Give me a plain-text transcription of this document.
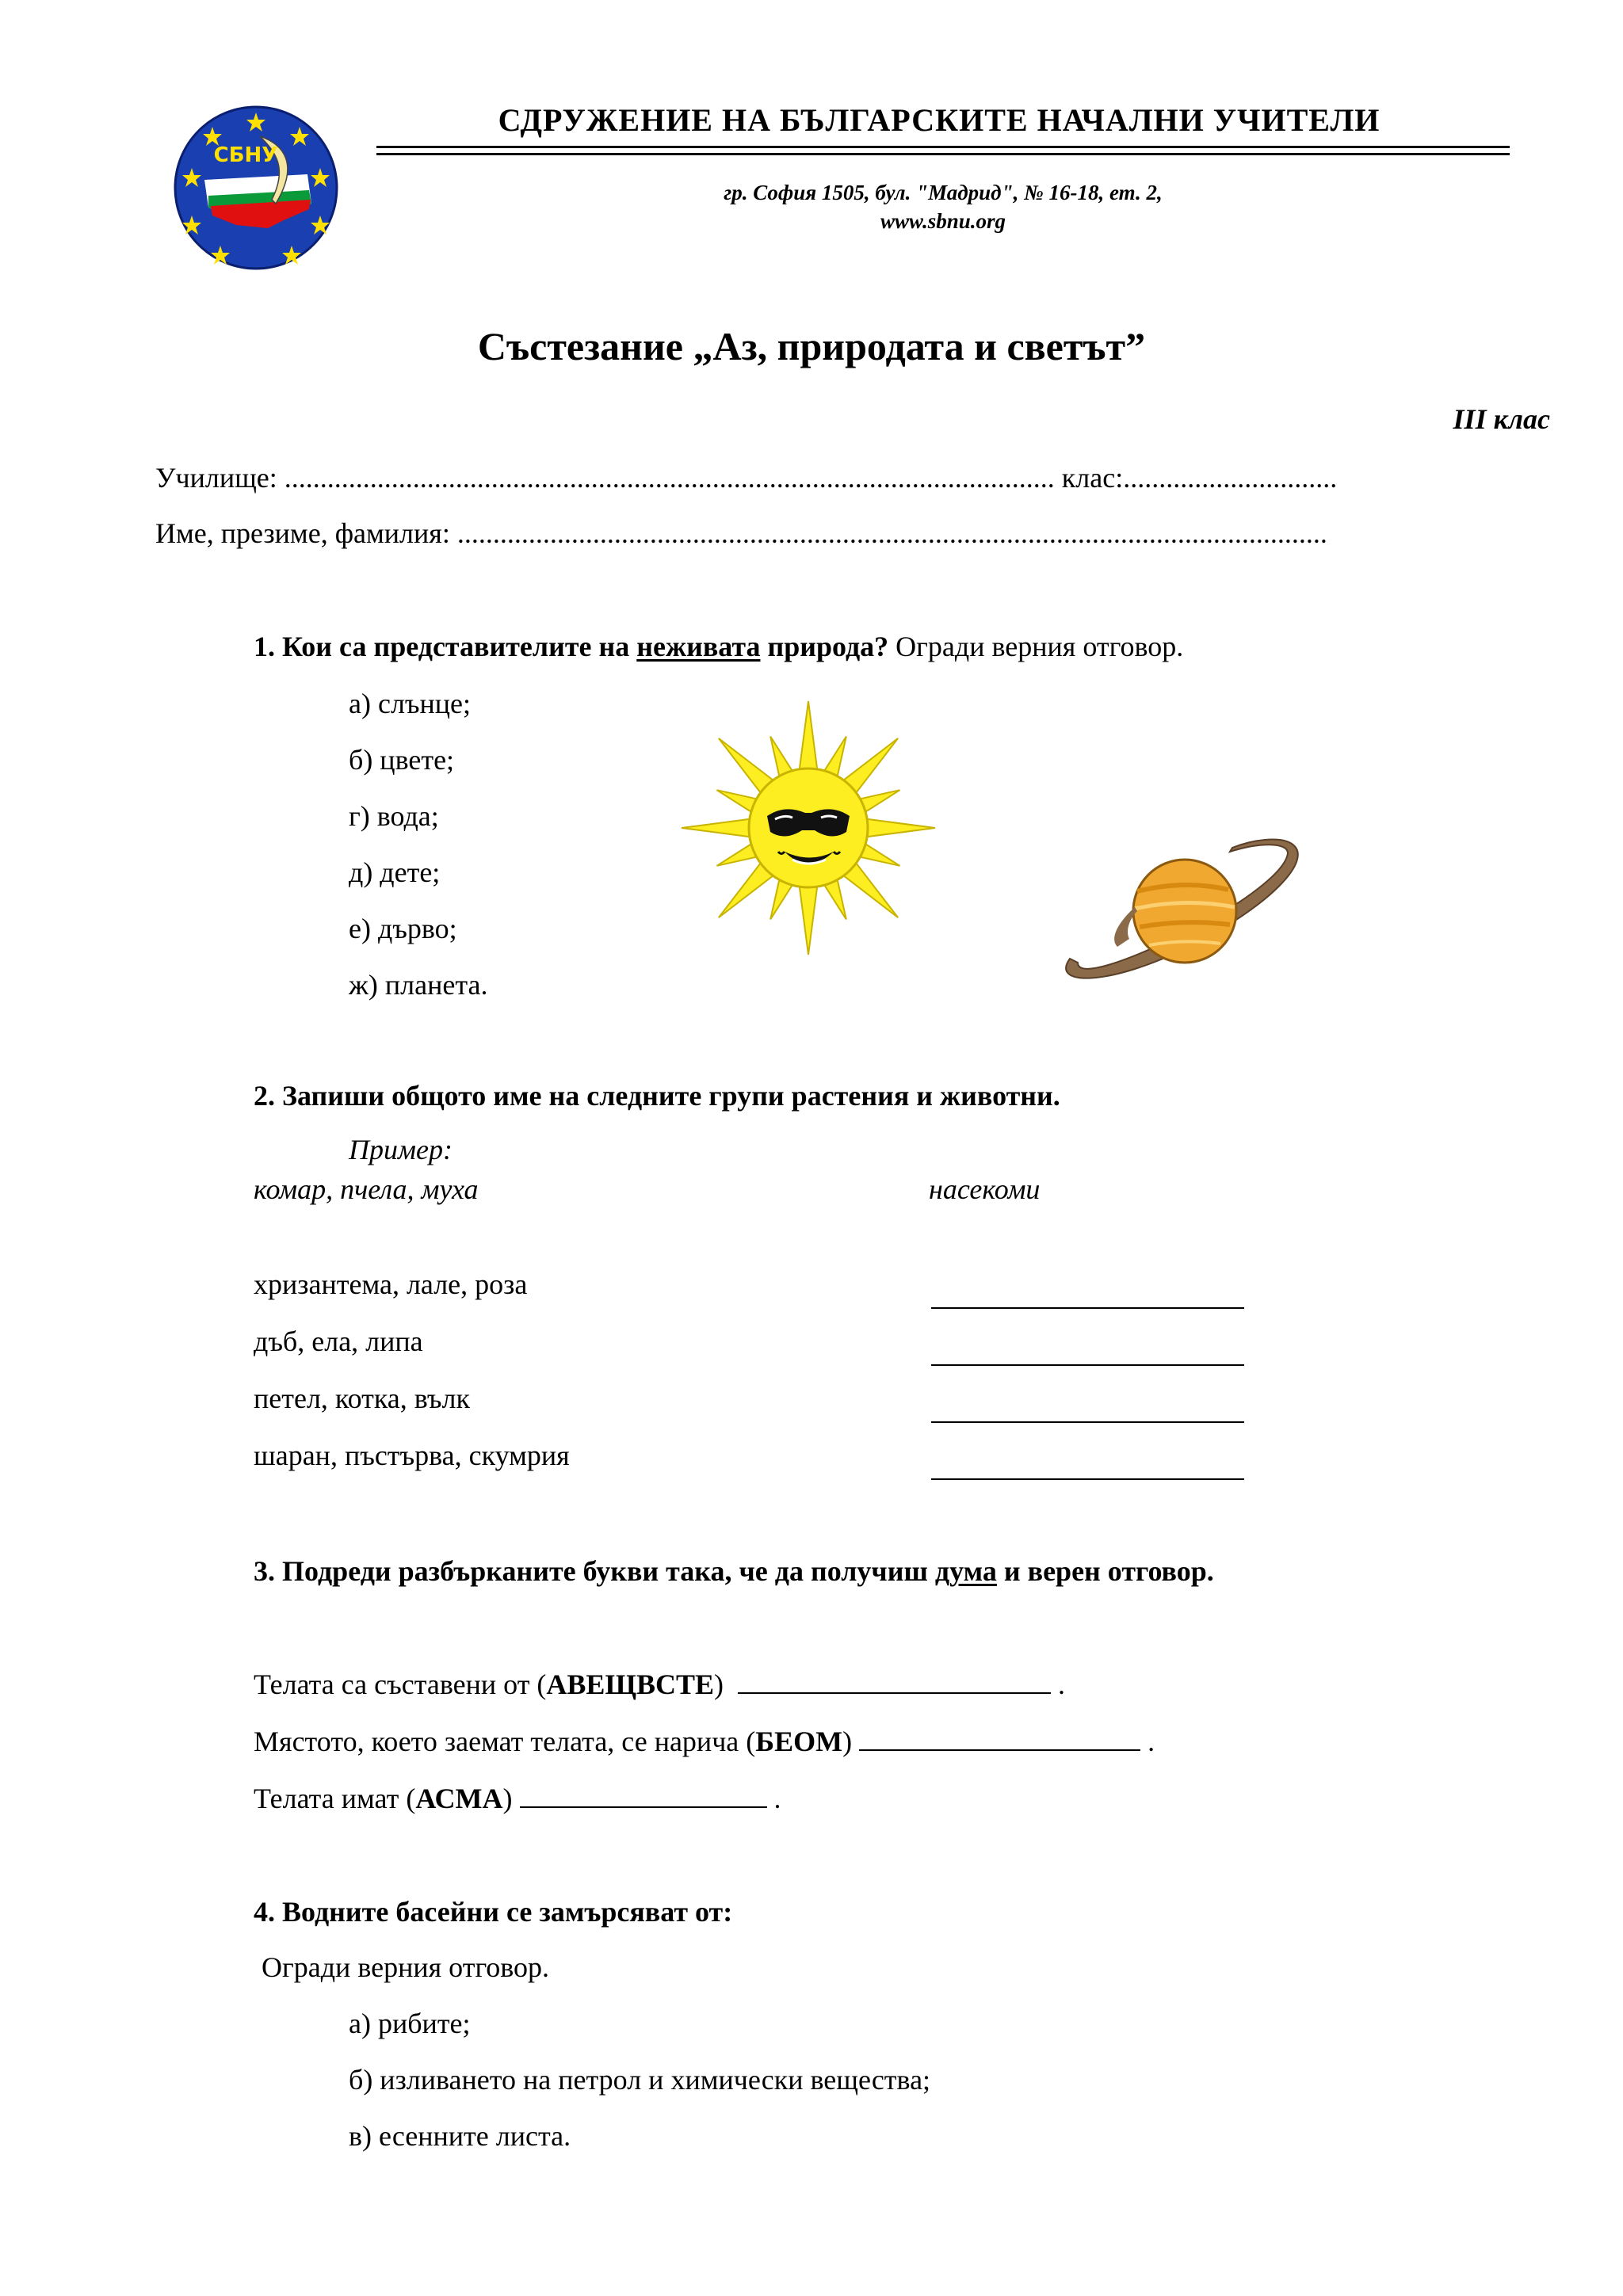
СБНУ
СДРУЖЕНИЕ НА БЪЛГАРСКИТЕ НАЧАЛНИ УЧИТЕЛИ
гр. София 1505, бул. "Мадрид", № 16-18, ет. 2,
www.sbnu.org
Състезание „Аз, природата и светът”
III клас
Училище: ............................................................................................................ клас:..............................
Име, презиме, фамилия: ..........................................................................................................................
1. Кои са представителите на неживата природа? Огради верния отговор.
а) слънце;
б) цвете;
г) вода;
д) дете;
е) дърво;
ж) планета.
2. Запиши общото име на следните групи растения и животни.
Пример:
комар, пчела, муха	насекоми
хризантема, лале, роза
дъб, ела, липа
петел, котка, вълк
шаран, пъстърва, скумрия
3. Подреди разбърканите букви така, че да получиш дума и верен отговор.
Телата са съставени от (АВЕЩВСТЕ)	.
Мястото, което заемат телата, се нарича (БЕОМ)	.
Телата имат (АСМА)	.
4. Водните басейни се замърсяват от:
Огради верния отговор.
а) рибите;
б) изливането на петрол и химически вещества;
в) есенните листа.
